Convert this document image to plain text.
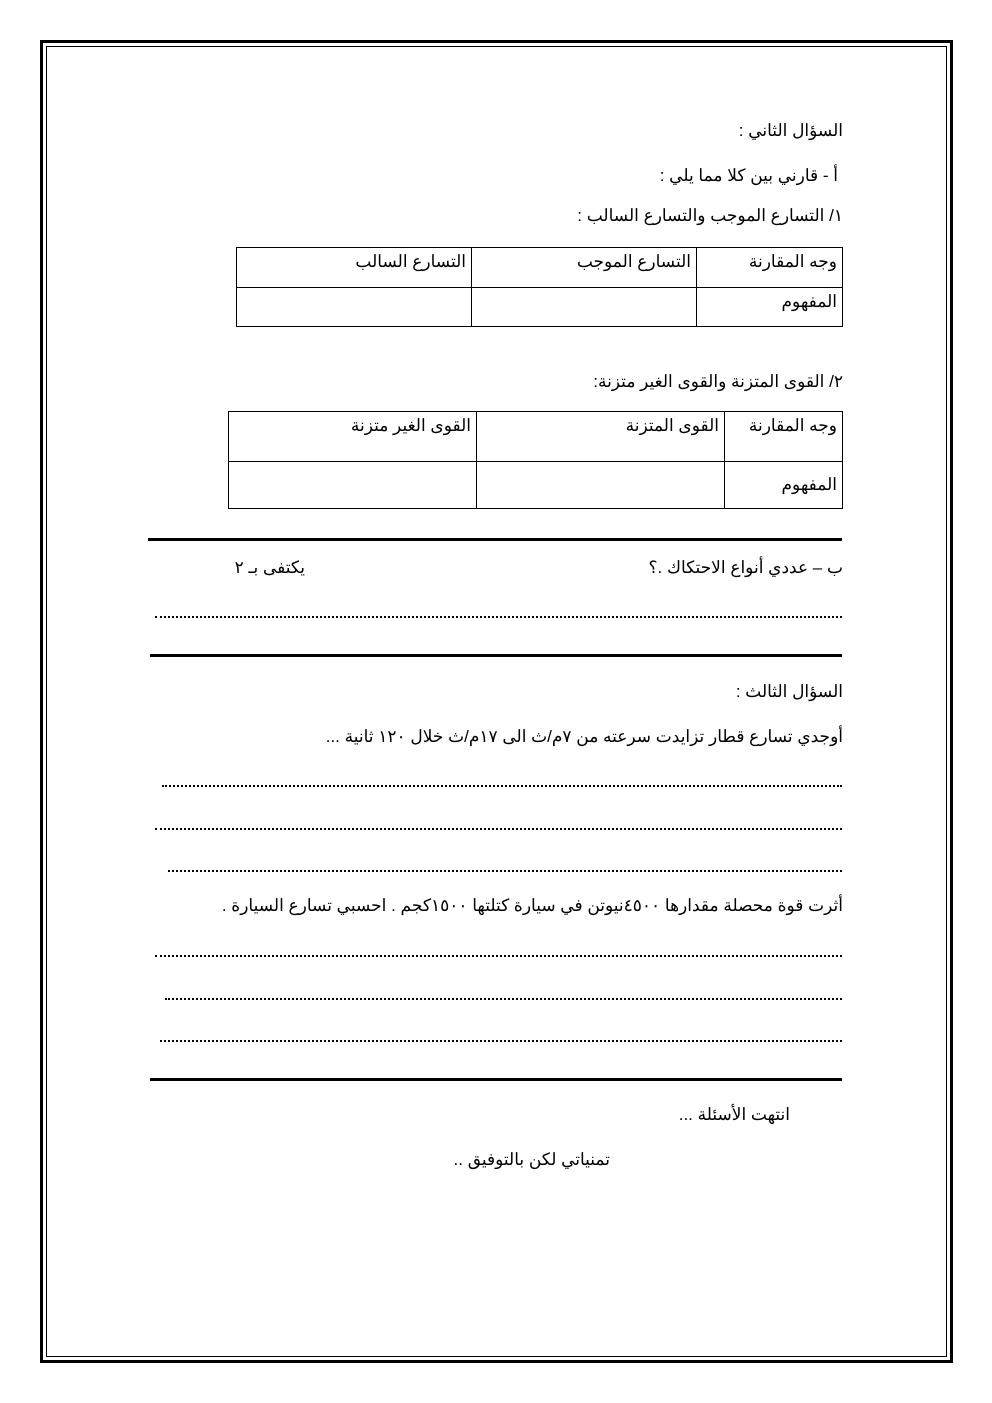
السؤال الثاني :
أ - قارني بين كلا مما يلي :
١/ التسارع الموجب والتسارع السالب :
وجه المقارنة	التسارع الموجب	التسارع السالب
المفهوم		
٢/ القوى المتزنة والقوى الغير متزنة:
وجه المقارنة	القوى المتزنة	القوى الغير متزنة
المفهوم		
ب – عددي أنواع الاحتكاك .؟
يكتفى بـ ٢
السؤال الثالث :
أوجدي تسارع قطار تزايدت سرعته من ٧م/ث الى ١٧م/ث خلال ١٢٠ ثانية ...
أثرت قوة محصلة مقدارها ٤٥٠٠نيوتن في سيارة كتلتها ١٥٠٠كجم . احسبي تسارع السيارة .
انتهت الأسئلة ...
تمنياتي لكن بالتوفيق ..
